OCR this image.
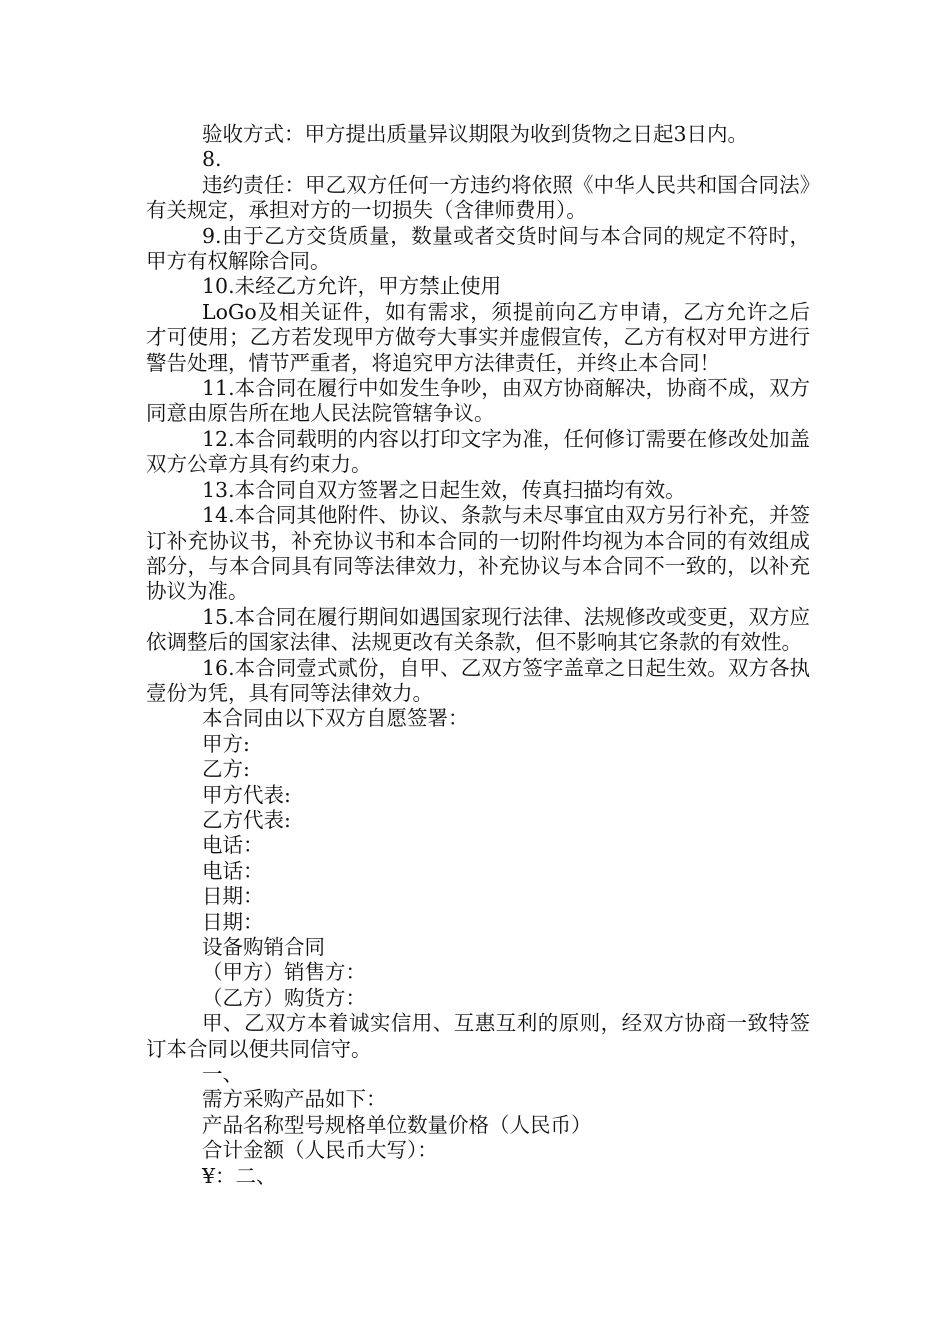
验收方式：甲方提出质量异议期限为收到货物之日起3日内。

8.

违约责任：甲乙双方任何一方违约将依照《中华人民共和国合同法》有关规定，承担对方的一切损失（含律师费用）。

9.由于乙方交货质量，数量或者交货时间与本合同的规定不符时，甲方有权解除合同。

10.未经乙方允许，甲方禁止使用

LoGo及相关证件，如有需求，须提前向乙方申请，乙方允许之后才可使用；乙方若发现甲方做夸大事实并虚假宣传，乙方有权对甲方进行警告处理，情节严重者，将追究甲方法律责任，并终止本合同！

11.本合同在履行中如发生争吵，由双方协商解决，协商不成，双方同意由原告所在地人民法院管辖争议。

12.本合同载明的内容以打印文字为准，任何修订需要在修改处加盖双方公章方具有约束力。

13.本合同自双方签署之日起生效，传真扫描均有效。

14.本合同其他附件、协议、条款与未尽事宜由双方另行补充，并签订补充协议书，补充协议书和本合同的一切附件均视为本合同的有效组成部分，与本合同具有同等法律效力，补充协议与本合同不一致的，以补充协议为准。

15.本合同在履行期间如遇国家现行法律、法规修改或变更，双方应依调整后的国家法律、法规更改有关条款，但不影响其它条款的有效性。

16.本合同壹式贰份，自甲、乙双方签字盖章之日起生效。双方各执壹份为凭，具有同等法律效力。

本合同由以下双方自愿签署：

甲方:

乙方:

甲方代表:

乙方代表:

电话：

电话：

日期：

日期：

设备购销合同

（甲方）销售方：

（乙方）购货方：

甲、乙双方本着诚实信用、互惠互利的原则，经双方协商一致特签订本合同以便共同信守。

一、

需方采购产品如下：

产品名称型号规格单位数量价格（人民币）

合计金额（人民币大写）：

¥：二、
